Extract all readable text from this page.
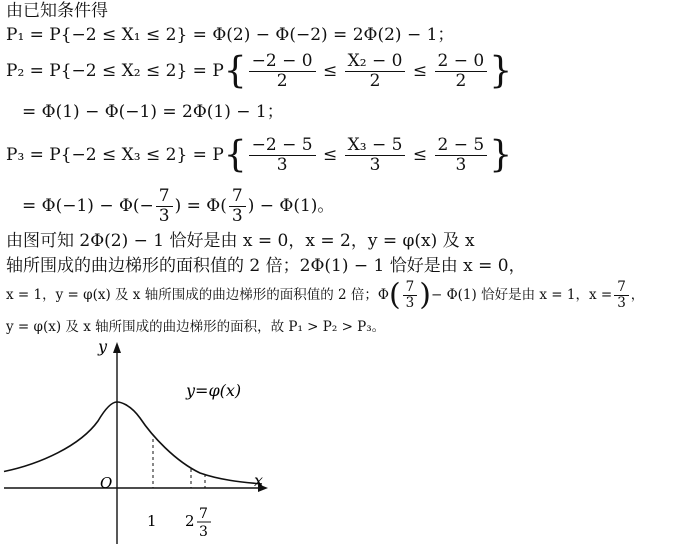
由已知条件得
P₁ = P{−2 ≤ X₁ ≤ 2} = Φ(2) − Φ(−2) = 2Φ(2) − 1；
$P_2 = P\{-2 \le X_2 \le 2\} = P\{ \frac{-2 - 0}{2} \le \frac{\text{X₂ − 0}}{2} \le \frac{2 - 0}{2}$ }
= Φ(1) − Φ(−1) = 2Φ(1) − 1；
$P_3 = P\{-2 \le X_3 \le 2\} = P\{ \frac{-2 - 5}{3} \le \frac{\text{X₃ − 5}}{3} \le \frac{2 - 5}{3}$ }
= $\Phi(-1) - \Phi(- \frac{7}{3}$ ) = $\Phi( \frac{7}{3}$ ) − Φ(1)。
由图可知 2Φ(2) − 1 恰好是由 x = 0，x = 2，y = φ(x) 及 x
轴所围成的曲边梯形的面积值的 2 倍；2Φ(1) − 1 恰好是由 x = 0，
x = 1，y = φ(x) 及 x 轴所围成的曲边梯形的面积值的 2 倍；$\Phi( \frac{7}{3}$ )− Φ(1) 恰好是由 x = 1，$x = \frac{7}{3}$ ，
y = φ(x) 及 x 轴所围成的曲边梯形的面积，故 P₁ > P₂ > P₃。
y
x
y=φ(x)
O
1 2 7
3
